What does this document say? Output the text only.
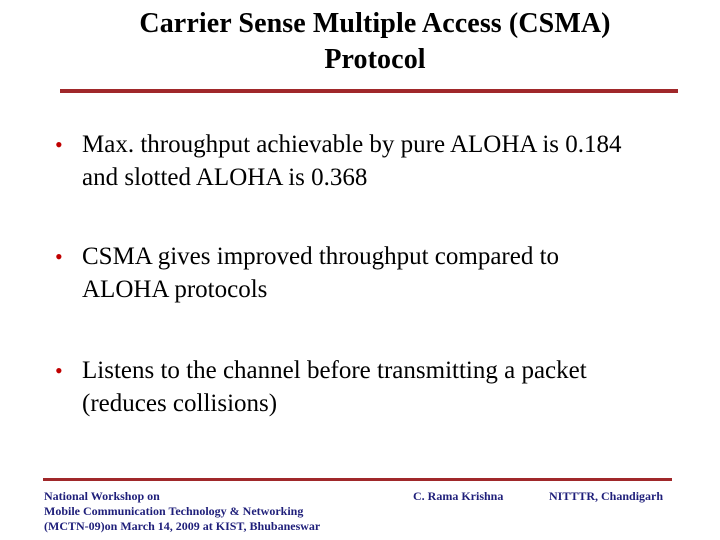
Carrier Sense Multiple Access (CSMA)
Protocol
• Max. throughput achievable by pure ALOHA is 0.184
and slotted ALOHA is 0.368
• CSMA gives improved throughput compared to
ALOHA protocols
• Listens to the channel before transmitting a packet
(reduces collisions)
National Workshop on
Mobile Communication Technology & Networking
(MCTN-09)on March 14, 2009 at KIST, Bhubaneswar
C. Rama Krishna	NITTTR, Chandigarh
